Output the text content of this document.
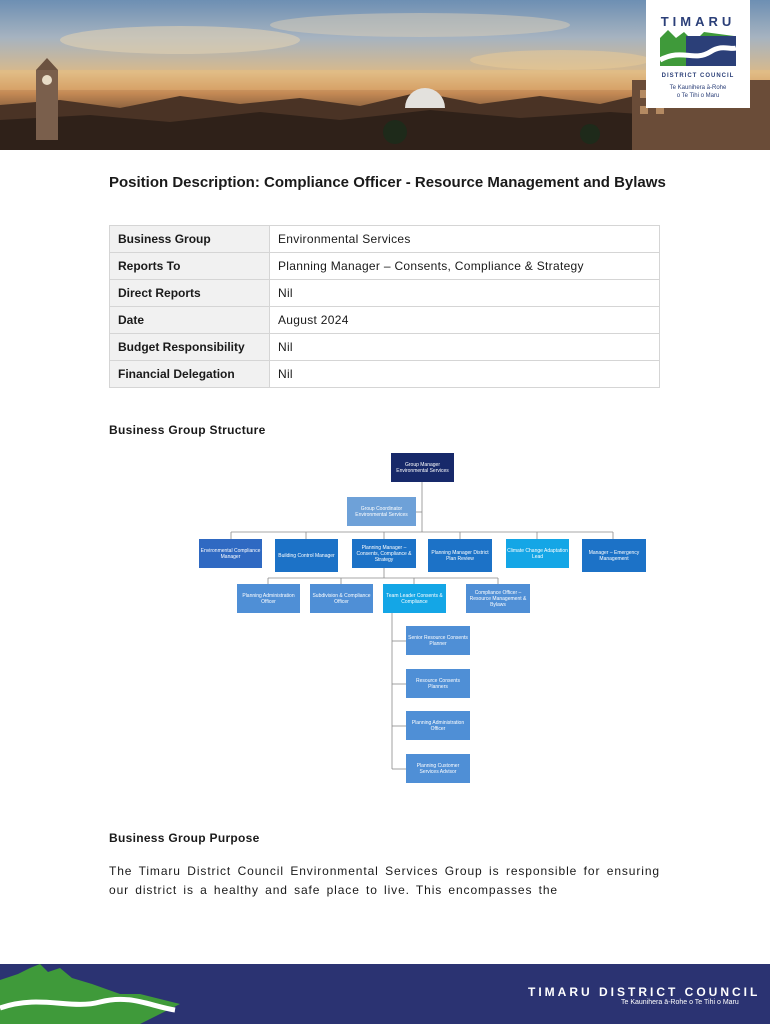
TIMARU
DISTRICT COUNCIL
Te Kaunihera ā-Rohe
o Te Tihi o Maru
Position Description: Compliance Officer - Resource Management and Bylaws
Business Group	Environmental Services
Reports To	Planning Manager – Consents, Compliance & Strategy
Direct Reports	Nil
Date	August 2024
Budget Responsibility	Nil
Financial Delegation	Nil
Business Group Structure
Group Manager Environmental Services
Group Coordinator Environmental Services
Environmental Compliance Manager	Building Control Manager
Planning Manager – Consents, Compliance & Strategy
Planning Manager District Plan Review
Climate Change Adaptation Lead
Manager – Emergency Management
Planning Administration Officer
Subdivision & Compliance Officer
Team Leader Consents & Compliance
Compliance Officer – Resource Management & Bylaws
Senior Resource Consents Planner
Resource Consents Planners
Planning Administration Officer
Planning Customer Services Advisor
Business Group Purpose

The Timaru District Council Environmental Services Group is responsible for ensuring our district is a healthy and safe place to live. This encompasses the

TIMARU DISTRICT COUNCIL
Te Kaunihera ā-Rohe o Te Tihi o Maru
